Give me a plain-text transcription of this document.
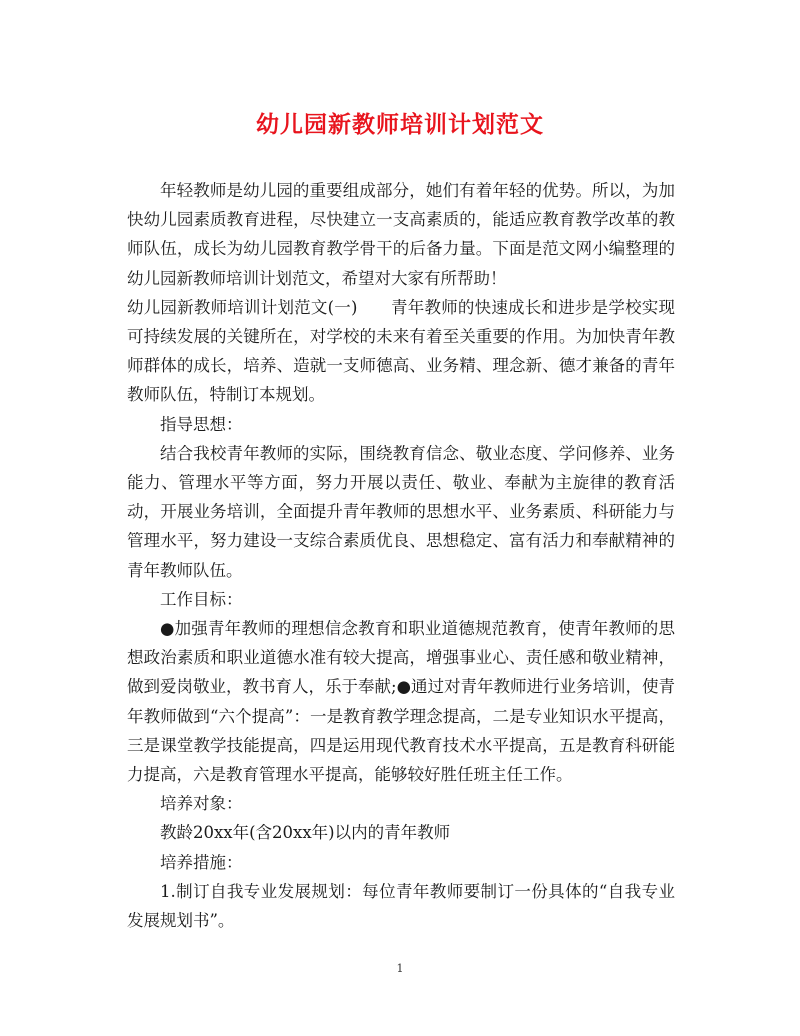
幼儿园新教师培训计划范文

年轻教师是幼儿园的重要组成部分，她们有着年轻的优势。所以，为加快幼儿园素质教育进程，尽快建立一支高素质的，能适应教育教学改革的教师队伍，成长为幼儿园教育教学骨干的后备力量。下面是范文网小编整理的幼儿园新教师培训计划范文，希望对大家有所帮助！

幼儿园新教师培训计划范文(一)　　青年教师的快速成长和进步是学校实现可持续发展的关键所在，对学校的未来有着至关重要的作用。为加快青年教师群体的成长，培养、造就一支师德高、业务精、理念新、德才兼备的青年教师队伍，特制订本规划。

指导思想：

结合我校青年教师的实际，围绕教育信念、敬业态度、学问修养、业务能力、管理水平等方面，努力开展以责任、敬业、奉献为主旋律的教育活动，开展业务培训，全面提升青年教师的思想水平、业务素质、科研能力与管理水平，努力建设一支综合素质优良、思想稳定、富有活力和奉献精神的青年教师队伍。

工作目标：

●加强青年教师的理想信念教育和职业道德规范教育，使青年教师的思想政治素质和职业道德水准有较大提高，增强事业心、责任感和敬业精神，做到爱岗敬业，教书育人，乐于奉献;●通过对青年教师进行业务培训，使青年教师做到“六个提高”：一是教育教学理念提高，二是专业知识水平提高，三是课堂教学技能提高，四是运用现代教育技术水平提高，五是教育科研能力提高，六是教育管理水平提高，能够较好胜任班主任工作。

培养对象：

教龄20xx年(含20xx年)以内的青年教师

培养措施：

1.制订自我专业发展规划：每位青年教师要制订一份具体的“自我专业发展规划书”。

1
